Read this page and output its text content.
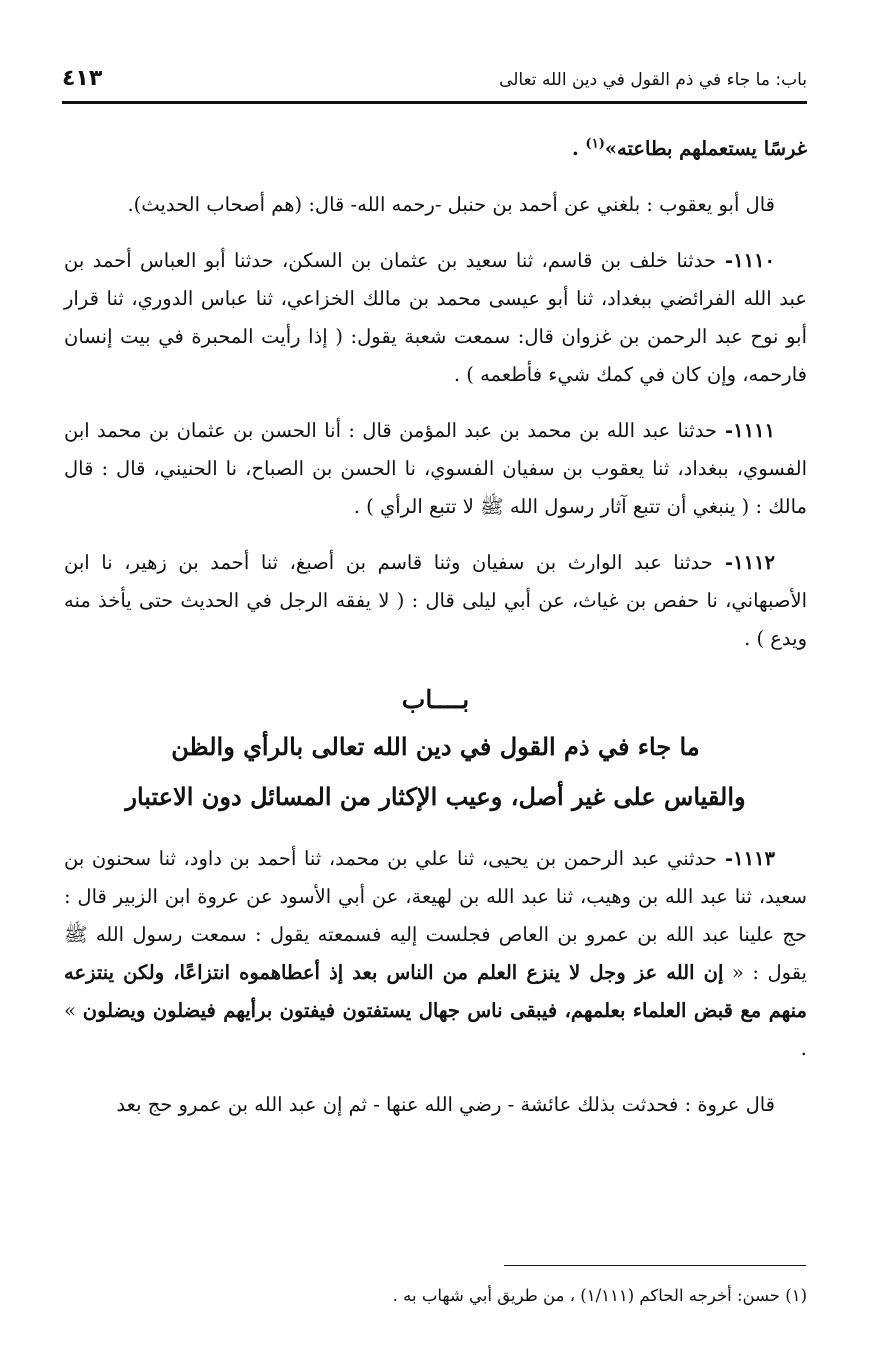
باب: ما جاء في ذم القول في دين الله تعالى
٤١٣

غرسًا يستعملهم بطاعته»$^{(١)}$ .

قال أبو يعقوب : بلغني عن أحمد بن حنبل -رحمه الله- قال: (هم أصحاب الحديث).

١١١٠- حدثنا خلف بن قاسم، ثنا سعيد بن عثمان بن السكن، حدثنا أبو العباس أحمد بن عبد الله الفرائضي ببغداد، ثنا أبو عيسى محمد بن مالك الخزاعي، ثنا عباس الدوري، ثنا قرار أبو نوح عبد الرحمن بن غزوان قال: سمعت شعبة يقول: ( إذا رأيت المحبرة في بيت إنسان فارحمه، وإن كان في كمك شيء فأطعمه ) .

١١١١- حدثنا عبد الله بن محمد بن عبد المؤمن قال : أنا الحسن بن عثمان بن محمد ابن الفسوي، ببغداد، ثنا يعقوب بن سفيان الفسوي، نا الحسن بن الصباح، نا الحنيني، قال : قال مالك : ( ينبغي أن تتبع آثار رسول الله ﷺ لا تتبع الرأي ) .

١١١٢- حدثنا عبد الوارث بن سفيان وثنا قاسم بن أصبغ، ثنا أحمد بن زهير، نا ابن الأصبهاني، نا حفص بن غياث، عن أبي ليلى قال : ( لا يفقه الرجل في الحديث حتى يأخذ منه ويدع ) .

بــــاب
ما جاء في ذم القول في دين الله تعالى بالرأي والظن
والقياس على غير أصل، وعيب الإكثار من المسائل دون الاعتبار

١١١٣- حدثني عبد الرحمن بن يحيى، ثنا علي بن محمد، ثنا أحمد بن داود، ثنا سحنون بن سعيد، ثنا عبد الله بن وهيب، ثنا عبد الله بن لهيعة، عن أبي الأسود عن عروة ابن الزبير قال : حج علينا عبد الله بن عمرو بن العاص فجلست إليه فسمعته يقول : سمعت رسول الله ﷺ يقول : « إن الله عز وجل لا ينزع العلم من الناس بعد إذ أعطاهموه انتزاعًا، ولكن ينتزعه منهم مع قبض العلماء بعلمهم، فيبقى ناس جهال يستفتون فيفتون برأيهم فيضلون ويضلون » .

قال عروة : فحدثت بذلك عائشة - رضي الله عنها - ثم إن عبد الله بن عمرو حج بعد

(١) حسن: أخرجه الحاكم (١/١١١) ، من طريق أبي شهاب به .
